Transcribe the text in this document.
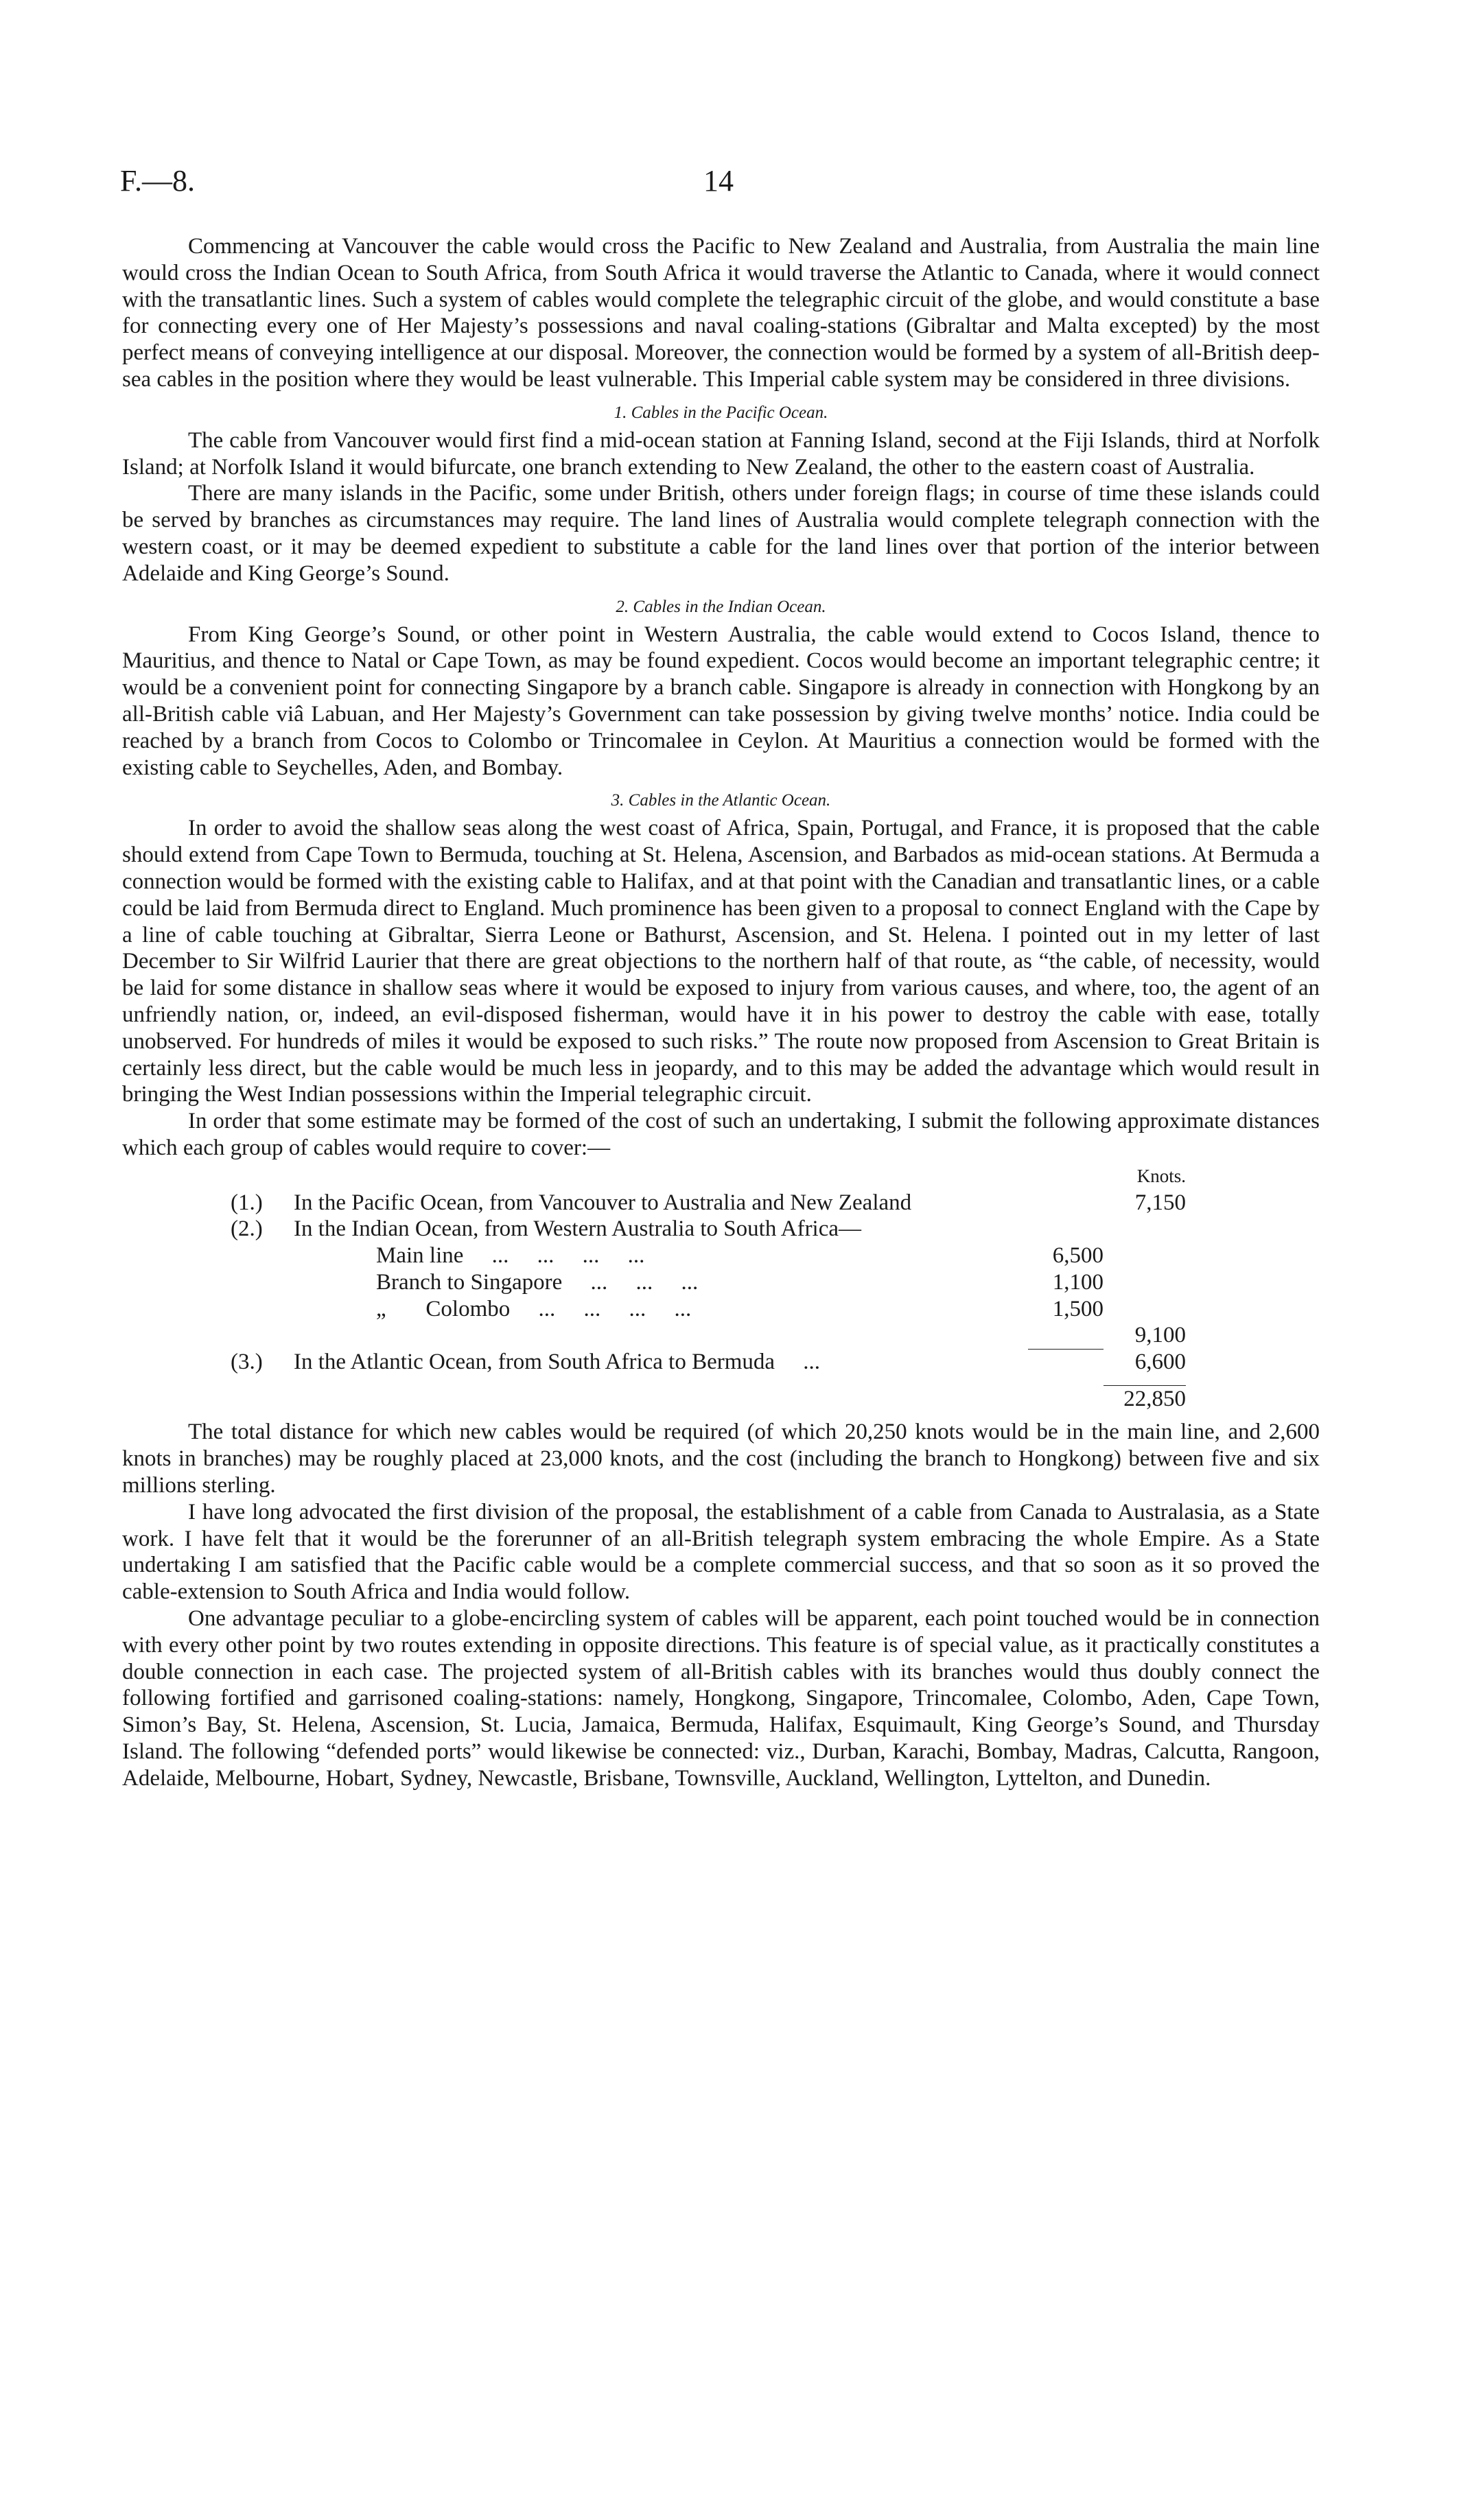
F.—8.	14

Commencing at Vancouver the cable would cross the Pacific to New Zealand and Australia, from Australia the main line would cross the Indian Ocean to South Africa, from South Africa it would traverse the Atlantic to Canada, where it would connect with the transatlantic lines. Such a system of cables would complete the telegraphic circuit of the globe, and would constitute a base for connecting every one of Her Majesty’s possessions and naval coaling-stations (Gibraltar and Malta excepted) by the most perfect means of conveying intelligence at our disposal. Moreover, the connection would be formed by a system of all-British deep-sea cables in the position where they would be least vulnerable. This Imperial cable system may be considered in three divisions.

1. Cables in the Pacific Ocean.

The cable from Vancouver would first find a mid-ocean station at Fanning Island, second at the Fiji Islands, third at Norfolk Island; at Norfolk Island it would bifurcate, one branch extending to New Zealand, the other to the eastern coast of Australia.

There are many islands in the Pacific, some under British, others under foreign flags; in course of time these islands could be served by branches as circumstances may require. The land lines of Australia would complete telegraph connection with the western coast, or it may be deemed expedient to substitute a cable for the land lines over that portion of the interior between Adelaide and King George’s Sound.

2. Cables in the Indian Ocean.

From King George’s Sound, or other point in Western Australia, the cable would extend to Cocos Island, thence to Mauritius, and thence to Natal or Cape Town, as may be found expedient. Cocos would become an important telegraphic centre; it would be a convenient point for connecting Singapore by a branch cable. Singapore is already in connection with Hongkong by an all-British cable viâ Labuan, and Her Majesty’s Government can take possession by giving twelve months’ notice. India could be reached by a branch from Cocos to Colombo or Trincomalee in Ceylon. At Mauritius a connection would be formed with the existing cable to Seychelles, Aden, and Bombay.

3. Cables in the Atlantic Ocean.

In order to avoid the shallow seas along the west coast of Africa, Spain, Portugal, and France, it is proposed that the cable should extend from Cape Town to Bermuda, touching at St. Helena, Ascension, and Barbados as mid-ocean stations. At Bermuda a connection would be formed with the existing cable to Halifax, and at that point with the Canadian and transatlantic lines, or a cable could be laid from Bermuda direct to England. Much prominence has been given to a proposal to connect England with the Cape by a line of cable touching at Gibraltar, Sierra Leone or Bathurst, Ascension, and St. Helena. I pointed out in my letter of last December to Sir Wilfrid Laurier that there are great objections to the northern half of that route, as “the cable, of necessity, would be laid for some distance in shallow seas where it would be exposed to injury from various causes, and where, too, the agent of an unfriendly nation, or, indeed, an evil-disposed fisherman, would have it in his power to destroy the cable with ease, totally unobserved. For hundreds of miles it would be exposed to such risks.” The route now proposed from Ascension to Great Britain is certainly less direct, but the cable would be much less in jeopardy, and to this may be added the advantage which would result in bringing the West Indian possessions within the Imperial telegraphic circuit.

In order that some estimate may be formed of the cost of such an undertaking, I submit the following approximate distances which each group of cables would require to cover:—

			Knots.
(1.)	In the Pacific Ocean, from Vancouver to Australia and New Zealand		7,150
(2.)	In the Indian Ocean, from Western Australia to South Africa—		
	Main line     ...     ...     ...     ...	6,500	
	Branch to Singapore     ...     ...     ...	1,100	
	„       Colombo     ...     ...     ...     ...	1,500	
			9,100
(3.)	In the Atlantic Ocean, from South Africa to Bermuda     ...		6,600

			22,850

The total distance for which new cables would be required (of which 20,250 knots would be in the main line, and 2,600 knots in branches) may be roughly placed at 23,000 knots, and the cost (including the branch to Hongkong) between five and six millions sterling.

I have long advocated the first division of the proposal, the establishment of a cable from Canada to Australasia, as a State work. I have felt that it would be the forerunner of an all-British telegraph system embracing the whole Empire. As a State undertaking I am satisfied that the Pacific cable would be a complete commercial success, and that so soon as it so proved the cable-extension to South Africa and India would follow.

One advantage peculiar to a globe-encircling system of cables will be apparent, each point touched would be in connection with every other point by two routes extending in opposite directions. This feature is of special value, as it practically constitutes a double connection in each case. The projected system of all-British cables with its branches would thus doubly connect the following fortified and garrisoned coaling-stations: namely, Hongkong, Singapore, Trincomalee, Colombo, Aden, Cape Town, Simon’s Bay, St. Helena, Ascension, St. Lucia, Jamaica, Bermuda, Halifax, Esquimault, King George’s Sound, and Thursday Island. The following “defended ports” would likewise be connected: viz., Durban, Karachi, Bombay, Madras, Calcutta, Rangoon, Adelaide, Melbourne, Hobart, Sydney, Newcastle, Brisbane, Townsville, Auckland, Wellington, Lyttelton, and Dunedin.
